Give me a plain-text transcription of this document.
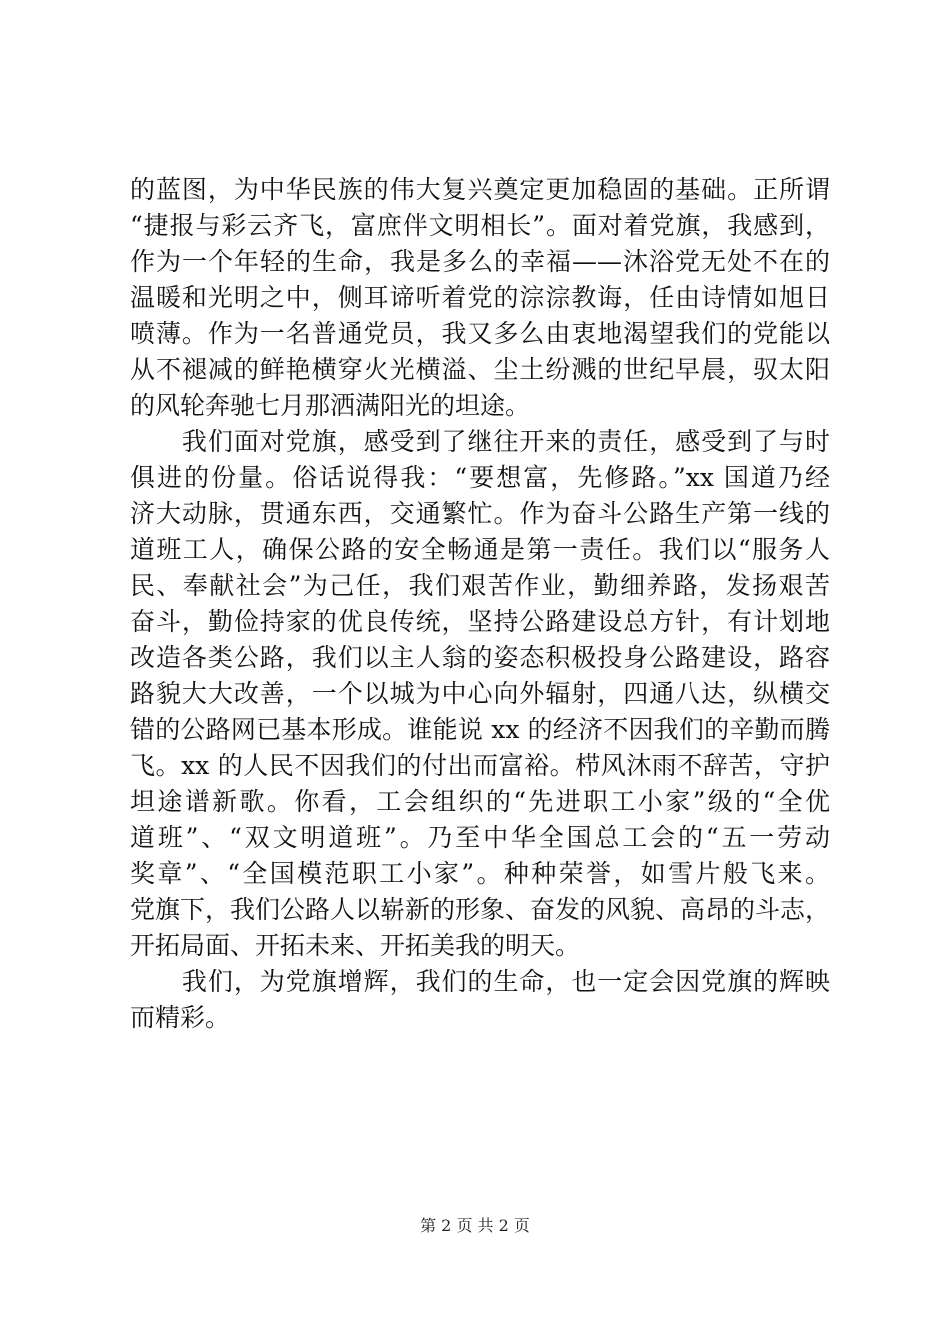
的蓝图，为中华民族的伟大复兴奠定更加稳固的基础。正所谓
“捷报与彩云齐飞，富庶伴文明相长”。面对着党旗，我感到，
作为一个年轻的生命，我是多么的幸福——沐浴党无处不在的
温暖和光明之中，侧耳谛听着党的淙淙教诲，任由诗情如旭日
喷薄。作为一名普通党员，我又多么由衷地渴望我们的党能以
从不褪减的鲜艳横穿火光横溢、尘土纷溅的世纪早晨，驭太阳
的风轮奔驰七月那洒满阳光的坦途。
　　我们面对党旗，感受到了继往开来的责任，感受到了与时
俱进的份量。俗话说得我：“要想富，先修路。”xx 国道乃经
济大动脉，贯通东西，交通繁忙。作为奋斗公路生产第一线的
道班工人，确保公路的安全畅通是第一责任。我们以“服务人
民、奉献社会”为己任，我们艰苦作业，勤细养路，发扬艰苦
奋斗，勤俭持家的优良传统，坚持公路建设总方针，有计划地
改造各类公路，我们以主人翁的姿态积极投身公路建设，路容
路貌大大改善，一个以城为中心向外辐射，四通八达，纵横交
错的公路网已基本形成。谁能说 xx 的经济不因我们的辛勤而腾
飞。xx 的人民不因我们的付出而富裕。栉风沐雨不辞苦，守护
坦途谱新歌。你看，工会组织的“先进职工小家”级的“全优
道班”、“双文明道班”。乃至中华全国总工会的“五一劳动
奖章”、“全国模范职工小家”。种种荣誉，如雪片般飞来。
党旗下，我们公路人以崭新的形象、奋发的风貌、高昂的斗志，
开拓局面、开拓未来、开拓美我的明天。
　　我们，为党旗增辉，我们的生命，也一定会因党旗的辉映
而精彩。
第 2 页 共 2 页
